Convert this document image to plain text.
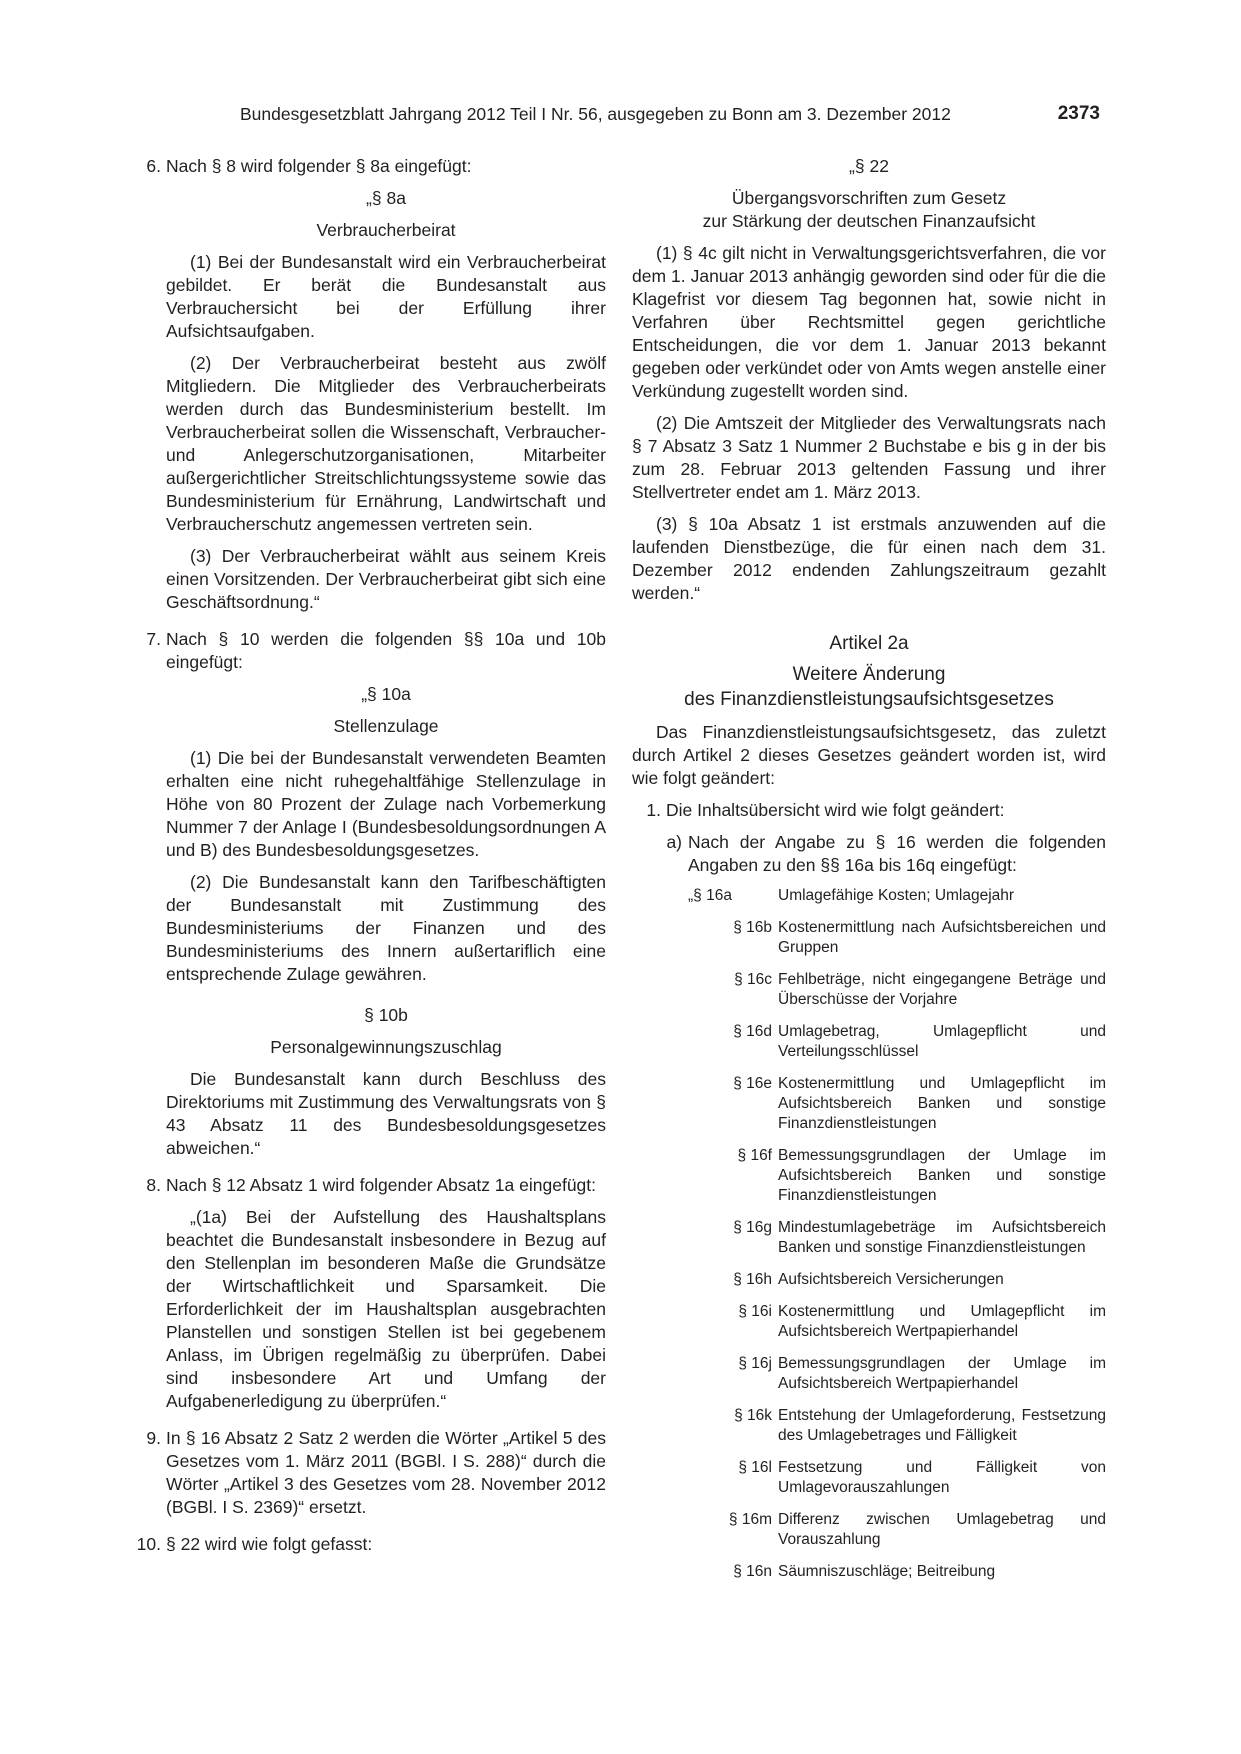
Bundesgesetzblatt Jahrgang 2012 Teil I Nr. 56, ausgegeben zu Bonn am 3. Dezember 2012	2373
6. Nach § 8 wird folgender § 8a eingefügt:
„§ 8a
Verbraucherbeirat

(1) Bei der Bundesanstalt wird ein Verbraucherbeirat gebildet. Er berät die Bundesanstalt aus Verbrauchersicht bei der Erfüllung ihrer Aufsichtsaufgaben.

(2) Der Verbraucherbeirat besteht aus zwölf Mitgliedern. Die Mitglieder des Verbraucherbeirats werden durch das Bundesministerium bestellt. Im Verbraucherbeirat sollen die Wissenschaft, Verbraucher- und Anlegerschutzorganisationen, Mitarbeiter außergerichtlicher Streitschlichtungssysteme sowie das Bundesministerium für Ernährung, Landwirtschaft und Verbraucherschutz angemessen vertreten sein.

(3) Der Verbraucherbeirat wählt aus seinem Kreis einen Vorsitzenden. Der Verbraucherbeirat gibt sich eine Geschäftsordnung.“

7. Nach § 10 werden die folgenden §§ 10a und 10b eingefügt:
„§ 10a
Stellenzulage

(1) Die bei der Bundesanstalt verwendeten Beamten erhalten eine nicht ruhegehaltfähige Stellenzulage in Höhe von 80 Prozent der Zulage nach Vorbemerkung Nummer 7 der Anlage I (Bundesbesoldungsordnungen A und B) des Bundesbesoldungsgesetzes.

(2) Die Bundesanstalt kann den Tarifbeschäftigten der Bundesanstalt mit Zustimmung des Bundesministeriums der Finanzen und des Bundesministeriums des Innern außertariflich eine entsprechende Zulage gewähren.

§ 10b
Personalgewinnungszuschlag

Die Bundesanstalt kann durch Beschluss des Direktoriums mit Zustimmung des Verwaltungsrats von § 43 Absatz 11 des Bundesbesoldungsgesetzes abweichen.“

8. Nach § 12 Absatz 1 wird folgender Absatz 1a eingefügt:

„(1a) Bei der Aufstellung des Haushaltsplans beachtet die Bundesanstalt insbesondere in Bezug auf den Stellenplan im besonderen Maße die Grundsätze der Wirtschaftlichkeit und Sparsamkeit. Die Erforderlichkeit der im Haushaltsplan ausgebrachten Planstellen und sonstigen Stellen ist bei gegebenem Anlass, im Übrigen regelmäßig zu überprüfen. Dabei sind insbesondere Art und Umfang der Aufgabenerledigung zu überprüfen.“

9. In § 16 Absatz 2 Satz 2 werden die Wörter „Artikel 5 des Gesetzes vom 1. März 2011 (BGBl. I S. 288)“ durch die Wörter „Artikel 3 des Gesetzes vom 28. November 2012 (BGBl. I S. 2369)“ ersetzt.
10. § 22 wird wie folgt gefasst:
„§ 22
Übergangsvorschriften zum Gesetz
zur Stärkung der deutschen Finanzaufsicht

(1) § 4c gilt nicht in Verwaltungsgerichtsverfahren, die vor dem 1. Januar 2013 anhängig geworden sind oder für die die Klagefrist vor diesem Tag begonnen hat, sowie nicht in Verfahren über Rechtsmittel gegen gerichtliche Entscheidungen, die vor dem 1. Januar 2013 bekannt gegeben oder verkündet oder von Amts wegen anstelle einer Verkündung zugestellt worden sind.

(2) Die Amtszeit der Mitglieder des Verwaltungsrats nach § 7 Absatz 3 Satz 1 Nummer 2 Buchstabe e bis g in der bis zum 28. Februar 2013 geltenden Fassung und ihrer Stellvertreter endet am 1. März 2013.

(3) § 10a Absatz 1 ist erstmals anzuwenden auf die laufenden Dienstbezüge, die für einen nach dem 31. Dezember 2012 endenden Zahlungszeitraum gezahlt werden.“

Artikel 2a
Weitere Änderung
des Finanzdienstleistungsaufsichtsgesetzes

Das Finanzdienstleistungsaufsichtsgesetz, das zuletzt durch Artikel 2 dieses Gesetzes geändert worden ist, wird wie folgt geändert:

1. Die Inhaltsübersicht wird wie folgt geändert:
a) Nach der Angabe zu § 16 werden die folgenden Angaben zu den §§ 16a bis 16q eingefügt:
„§ 16a	Umlagefähige Kosten; Umlagejahr
§ 16b Kostenermittlung nach Aufsichtsbereichen und Gruppen
§ 16c Fehlbeträge, nicht eingegangene Beträge und Überschüsse der Vorjahre
§ 16d Umlagebetrag, Umlagepflicht und Verteilungsschlüssel
§ 16e Kostenermittlung und Umlagepflicht im Aufsichtsbereich Banken und sonstige Finanzdienstleistungen
§ 16f Bemessungsgrundlagen der Umlage im Aufsichtsbereich Banken und sonstige Finanzdienstleistungen
§ 16g Mindestumlagebeträge im Aufsichtsbereich Banken und sonstige Finanzdienstleistungen
§ 16h Aufsichtsbereich Versicherungen
§ 16i Kostenermittlung und Umlagepflicht im Aufsichtsbereich Wertpapierhandel
§ 16j Bemessungsgrundlagen der Umlage im Aufsichtsbereich Wertpapierhandel
§ 16k Entstehung der Umlageforderung, Festsetzung des Umlagebetrages und Fälligkeit
§ 16l Festsetzung und Fälligkeit von Umlagevorauszahlungen
§ 16m Differenz zwischen Umlagebetrag und Vorauszahlung
§ 16n Säumniszuschläge; Beitreibung
